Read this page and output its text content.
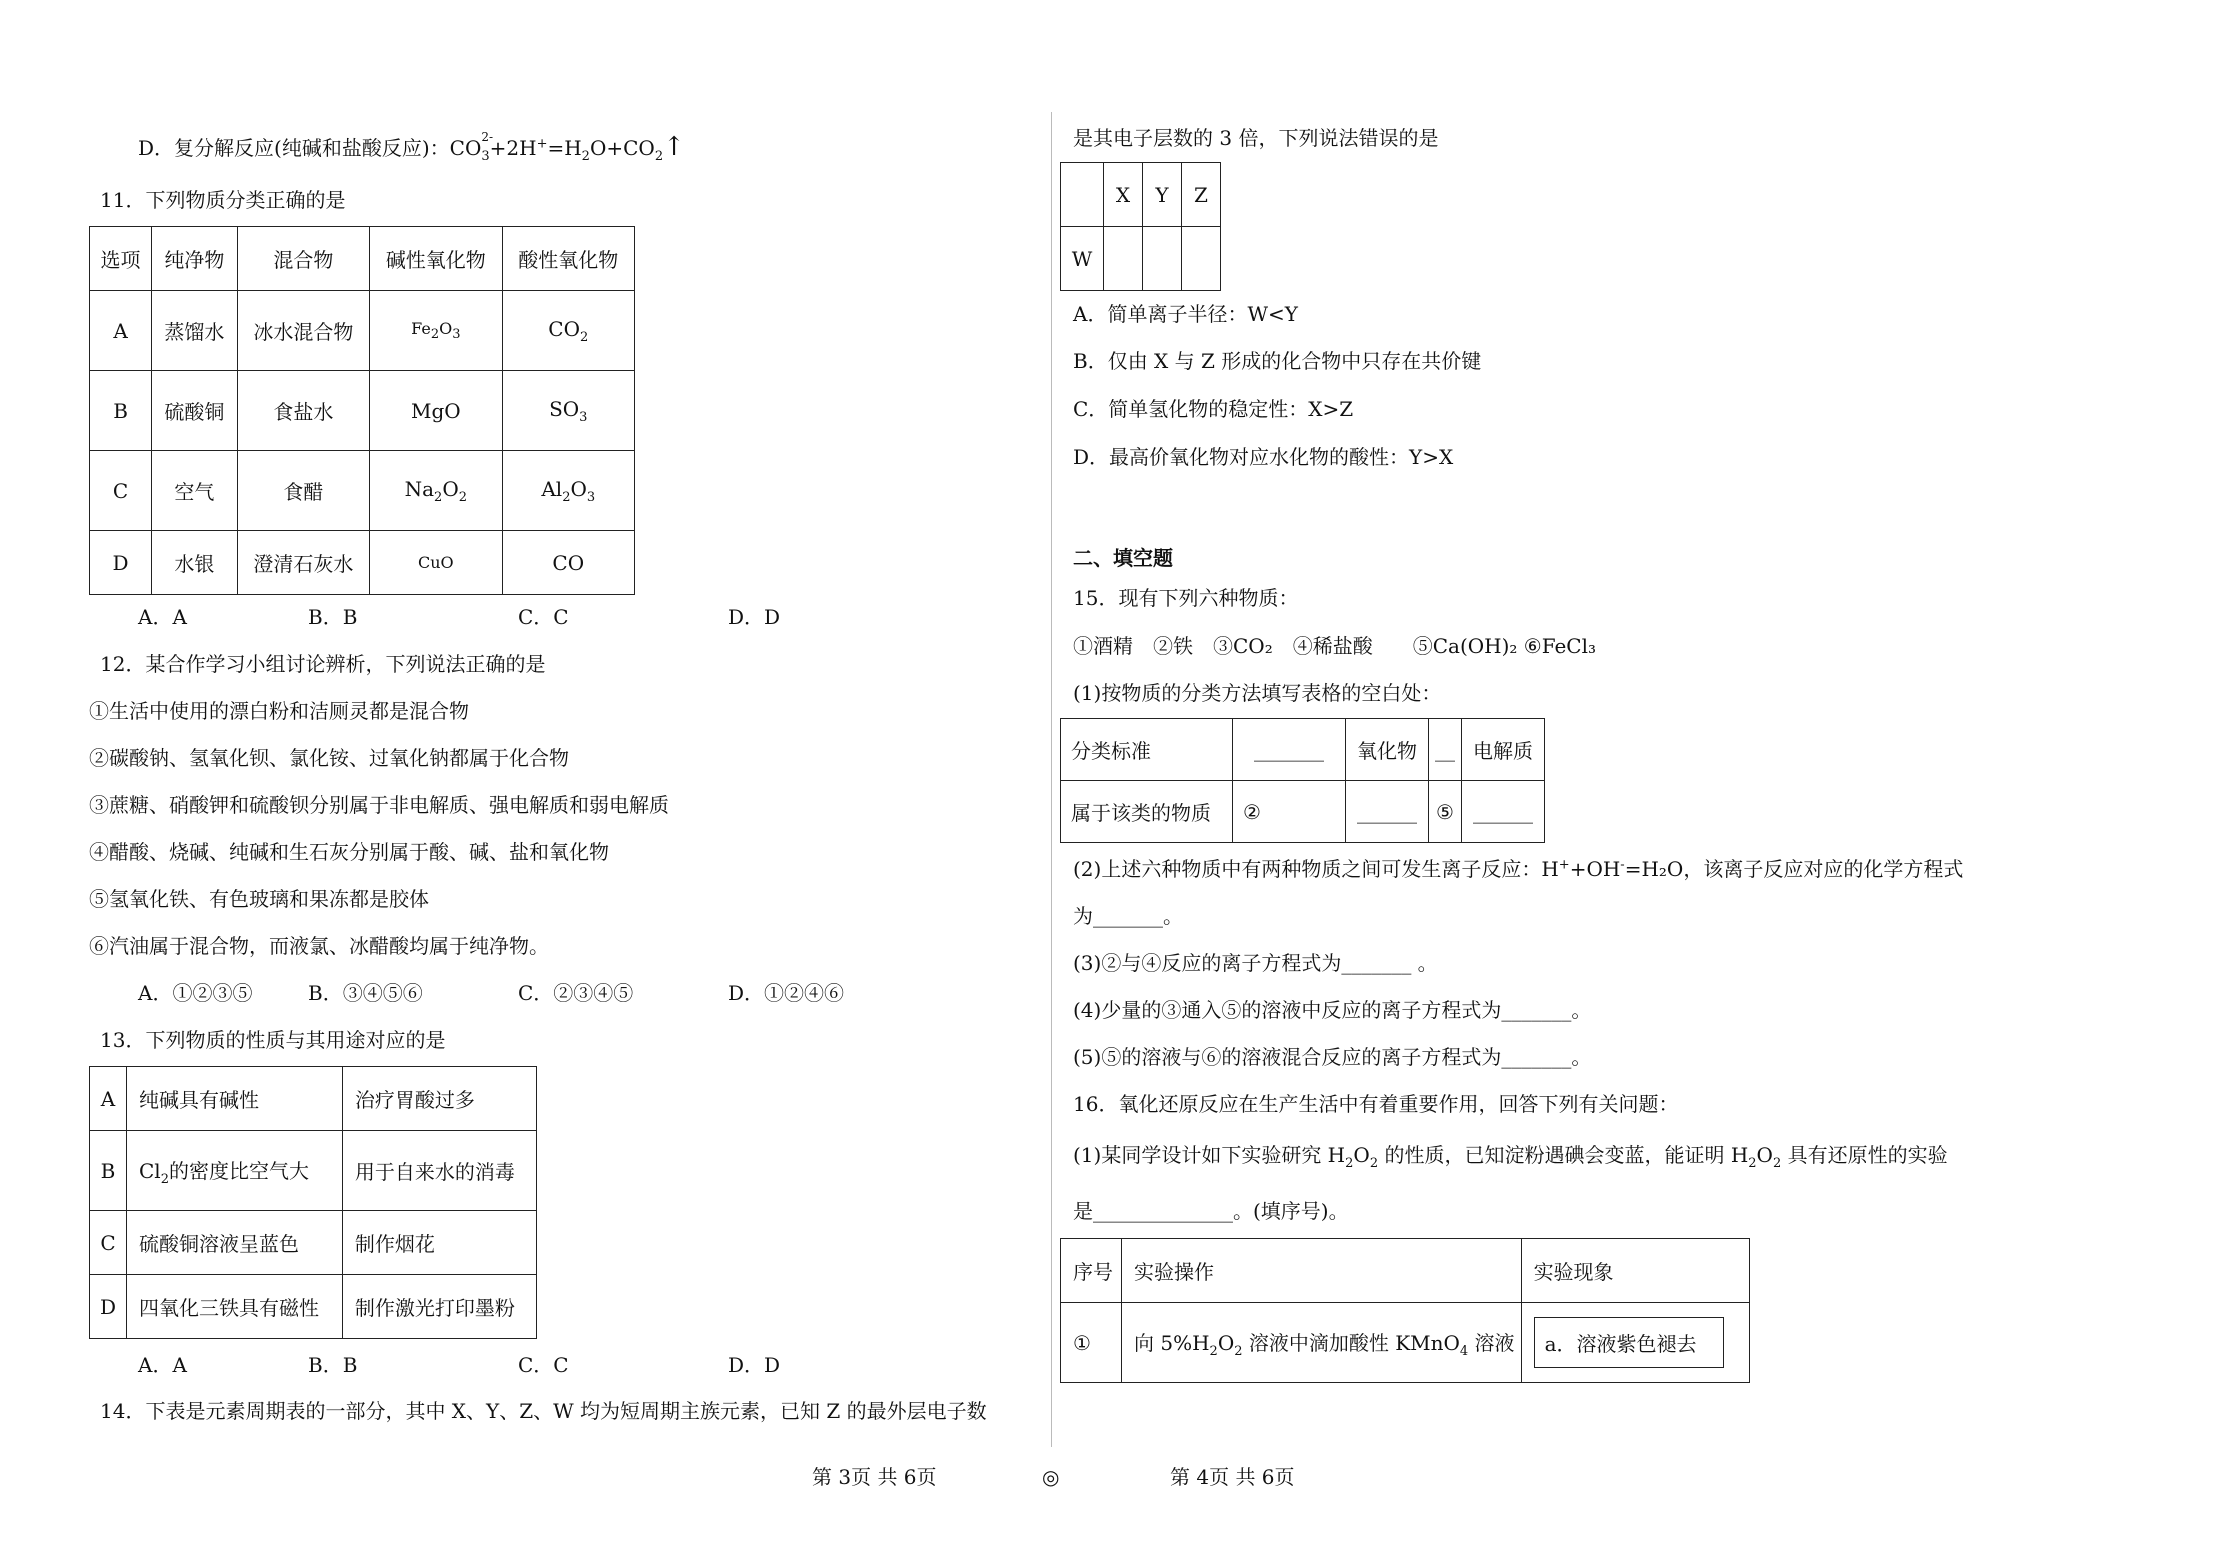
D．复分解反应(纯碱和盐酸反应)：CO $^{2-}$
$_3+2H^+=H_2O+CO_2↑$
11．下列物质分类正确的是
选项	纯净物	混合物	碱性氧化物	酸性氧化物
A	蒸馏水	冰水混合物	$Fe_2O_3$	$CO_2$
B	硫酸铜	食盐水	MgO	$SO_3$
C	空气	食醋	$Na_2O_2$	$Al_2O_3$
D	水银	澄清石灰水	CuO	CO
A．A	B．B	C．C	D．D
12．某合作学习小组讨论辨析，下列说法正确的是
①生活中使用的漂白粉和洁厕灵都是混合物
②碳酸钠、氢氧化钡、氯化铵、过氧化钠都属于化合物
③蔗糖、硝酸钾和硫酸钡分别属于非电解质、强电解质和弱电解质
④醋酸、烧碱、纯碱和生石灰分别属于酸、碱、盐和氧化物
⑤氢氧化铁、有色玻璃和果冻都是胶体
⑥汽油属于混合物，而液氯、冰醋酸均属于纯净物。
A．①②③⑤	B．③④⑤⑥	C．②③④⑤	D．①②④⑥
13．下列物质的性质与其用途对应的是
A	纯碱具有碱性	治疗胃酸过多
B	$Cl_2$的密度比空气大	用于自来水的消毒
C	硫酸铜溶液呈蓝色	制作烟花
D	四氧化三铁具有磁性	制作激光打印墨粉
A．A	B．B	C．C	D．D
14．下表是元素周期表的一部分，其中 X、Y、Z、W 均为短周期主族元素，已知 Z 的最外层电子数
是其电子层数的 3 倍，下列说法错误的是
	X	Y	Z
W			
A．简单离子半径：W<Y
B．仅由 X 与 Z 形成的化合物中只存在共价键
C．简单氢化物的稳定性：X>Z
D．最高价氧化物对应水化物的酸性：Y>X
二、填空题
15．现有下列六种物质：
①酒精　②铁　③CO₂　④稀盐酸　　⑤Ca(OH)₂ ⑥FeCl₃
(1)按物质的分类方法填写表格的空白处：
分类标准	_______	氧化物	__	电解质
属于该类的物质	②	______	⑤	______
(2)上述六种物质中有两种物质之间可发生离子反应：H++OH-=H₂O，该离子反应对应的化学方程式
为_______。
(3)②与④反应的离子方程式为_______ 。
(4)少量的③通入⑤的溶液中反应的离子方程式为_______。
(5)⑤的溶液与⑥的溶液混合反应的离子方程式为_______。
16．氧化还原反应在生产生活中有着重要作用，回答下列有关问题：
(1)某同学设计如下实验研究 $H_2O_2$ 的性质，已知淀粉遇碘会变蓝，能证明 $H_2O_2$ 具有还原性的实验
是______________。(填序号)。
序号	实验操作	实验现象
①	向 $5\%H_2O_2$ 溶液中滴加酸性 KMnO$_4$ 溶液	a．溶液紫色褪去
第 3页 共 6页	◎	第 4页 共 6页
